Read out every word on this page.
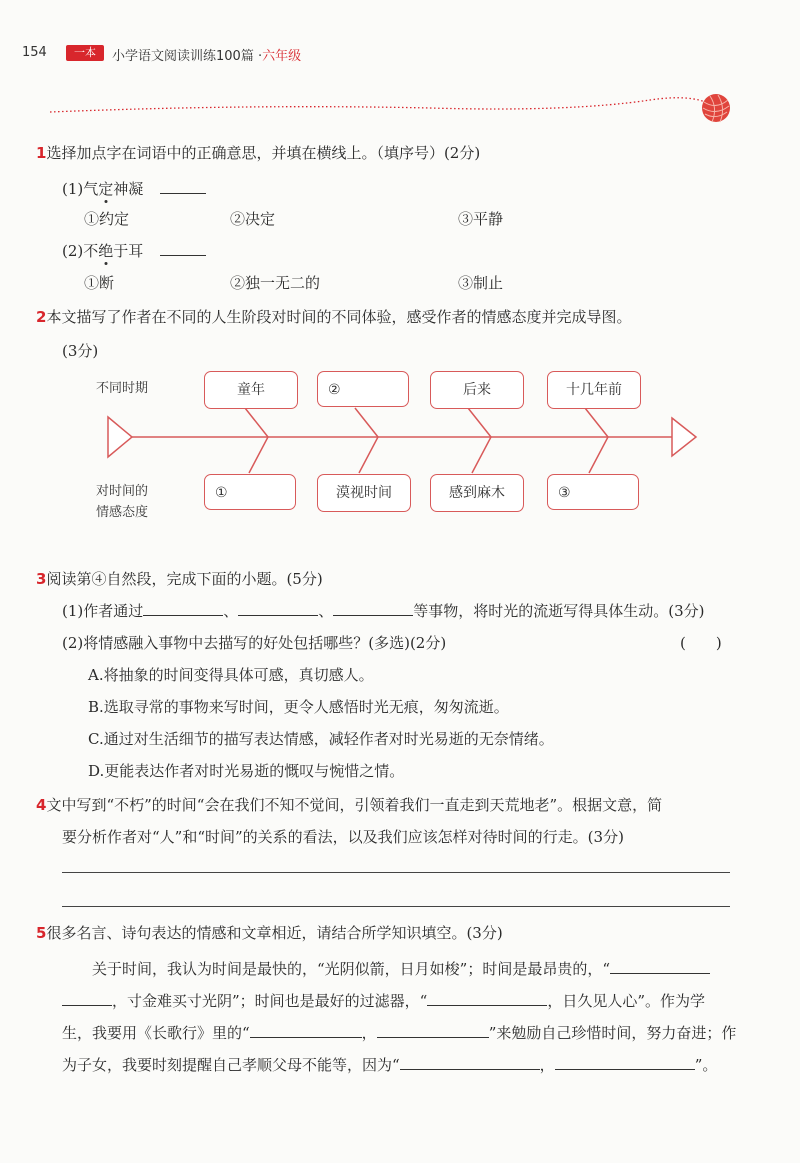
154	一本	小学语文阅读训练100篇 ·六年级
1选择加点字在词语中的正确意思，并填在横线上。（填序号）(2分)
(1)气定神凝
①约定	②决定	③平静
(2)不绝于耳
①断	②独一无二的	③制止
2本文描写了作者在不同的人生阶段对时间的不同体验，感受作者的情感态度并完成导图。
(3分)
不同时期
对时间的
情感态度
童年	②	后来	十几年前
①	漠视时间	感到麻木	③
3阅读第④自然段，完成下面的小题。(5分)
(1)作者通过	、	、	等事物，将时光的流逝写得具体生动。(3分)
(2)将情感融入事物中去描写的好处包括哪些？(多选)(2分)	(　　)
A.将抽象的时间变得具体可感，真切感人。
B.选取寻常的事物来写时间，更令人感悟时光无痕，匆匆流逝。
C.通过对生活细节的描写表达情感，减轻作者对时光易逝的无奈情绪。
D.更能表达作者对时光易逝的慨叹与惋惜之情。
4文中写到“不朽”的时间“会在我们不知不觉间，引领着我们一直走到天荒地老”。根据文意，简
要分析作者对“人”和“时间”的关系的看法，以及我们应该怎样对待时间的行走。(3分)
5很多名言、诗句表达的情感和文章相近，请结合所学知识填空。(3分)
关于时间，我认为时间是最快的，“光阴似箭，日月如梭”；时间是最昂贵的，“
，寸金难买寸光阴”；时间也是最好的过滤器，“	，日久见人心”。作为学
生，我要用《长歌行》里的“	，	”来勉励自己珍惜时间，努力奋进；作
为子女，我要时刻提醒自己孝顺父母不能等，因为“	，	”。
